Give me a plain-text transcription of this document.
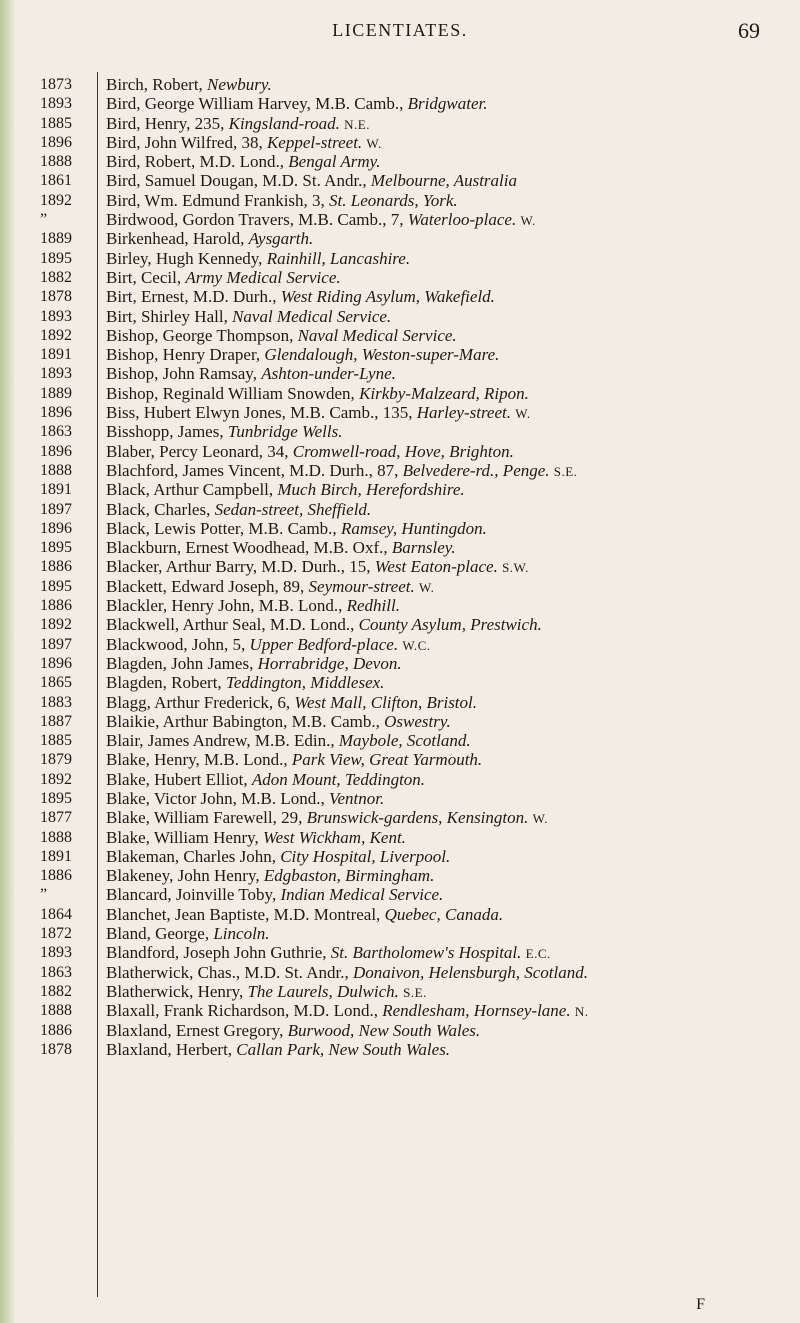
LICENTIATES.	69
1873
1893
1885
1896
1888
1861
1892
”
1889
1895
1882
1878
1893
1892
1891
1893
1889
1896
1863
1896
1888
1891
1897
1896
1895
1886
1895
1886
1892
1897
1896
1865
1883
1887
1885
1879
1892
1895
1877
1888
1891
1886
”
1864
1872
1893
1863
1882
1888
1886
1878
Birch, Robert, Newbury.
Bird, George William Harvey, M.B. Camb., Bridgwater.
Bird, Henry, 235, Kingsland-road. N.E.
Bird, John Wilfred, 38, Keppel-street. W.
Bird, Robert, M.D. Lond., Bengal Army.
Bird, Samuel Dougan, M.D. St. Andr., Melbourne, Australia
Bird, Wm. Edmund Frankish, 3, St. Leonards, York.
Birdwood, Gordon Travers, M.B. Camb., 7, Waterloo-place. W.
Birkenhead, Harold, Aysgarth.
Birley, Hugh Kennedy, Rainhill, Lancashire.
Birt, Cecil, Army Medical Service.
Birt, Ernest, M.D. Durh., West Riding Asylum, Wakefield.
Birt, Shirley Hall, Naval Medical Service.
Bishop, George Thompson, Naval Medical Service.
Bishop, Henry Draper, Glendalough, Weston-super-Mare.
Bishop, John Ramsay, Ashton-under-Lyne.
Bishop, Reginald William Snowden, Kirkby-Malzeard, Ripon.
Biss, Hubert Elwyn Jones, M.B. Camb., 135, Harley-street. W.
Bisshopp, James, Tunbridge Wells.
Blaber, Percy Leonard, 34, Cromwell-road, Hove, Brighton.
Blachford, James Vincent, M.D. Durh., 87, Belvedere-rd., Penge. S.E.
Black, Arthur Campbell, Much Birch, Herefordshire.
Black, Charles, Sedan-street, Sheffield.
Black, Lewis Potter, M.B. Camb., Ramsey, Huntingdon.
Blackburn, Ernest Woodhead, M.B. Oxf., Barnsley.
Blacker, Arthur Barry, M.D. Durh., 15, West Eaton-place. S.W.
Blackett, Edward Joseph, 89, Seymour-street. W.
Blackler, Henry John, M.B. Lond., Redhill.
Blackwell, Arthur Seal, M.D. Lond., County Asylum, Prestwich.
Blackwood, John, 5, Upper Bedford-place. W.C.
Blagden, John James, Horrabridge, Devon.
Blagden, Robert, Teddington, Middlesex.
Blagg, Arthur Frederick, 6, West Mall, Clifton, Bristol.
Blaikie, Arthur Babington, M.B. Camb., Oswestry.
Blair, James Andrew, M.B. Edin., Maybole, Scotland.
Blake, Henry, M.B. Lond., Park View, Great Yarmouth.
Blake, Hubert Elliot, Adon Mount, Teddington.
Blake, Victor John, M.B. Lond., Ventnor.
Blake, William Farewell, 29, Brunswick-gardens, Kensington. W.
Blake, William Henry, West Wickham, Kent.
Blakeman, Charles John, City Hospital, Liverpool.
Blakeney, John Henry, Edgbaston, Birmingham.
Blancard, Joinville Toby, Indian Medical Service.
Blanchet, Jean Baptiste, M.D. Montreal, Quebec, Canada.
Bland, George, Lincoln.
Blandford, Joseph John Guthrie, St. Bartholomew's Hospital. E.C.
Blatherwick, Chas., M.D. St. Andr., Donaivon, Helensburgh, Scotland.
Blatherwick, Henry, The Laurels, Dulwich. S.E.
Blaxall, Frank Richardson, M.D. Lond., Rendlesham, Hornsey-lane. N.
Blaxland, Ernest Gregory, Burwood, New South Wales.
Blaxland, Herbert, Callan Park, New South Wales.
F
